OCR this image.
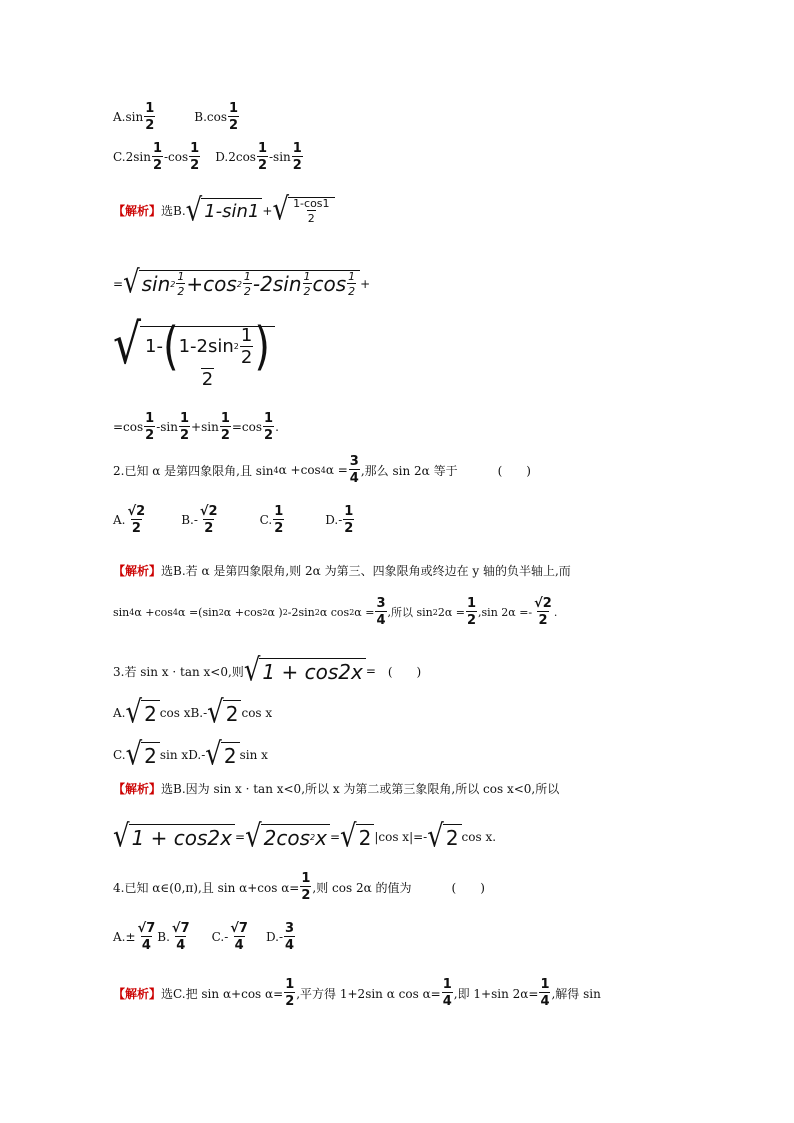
$A.\sin \frac{1}{2}$	$B.\cos \frac{1}{2}$
$C.2\sin \frac{1}{2} -\cos \frac{1}{2} D.2\cos \frac{1}{2} -\sin \frac{1}{2}$
【解析】 选B. √ 1-sin1 + √ $\frac{1-\cos 1}{2}$
= √ $\sin 2 \frac{1}{2} +\cos$ $2 \frac{1}{2} -2\sin \frac{1}{2}$ $\cos \frac{1}{2}$ +
√ $\frac{1- ( 1-2\sin 2 \frac{1}{2} )}{2}$
$=\cos \frac{1}{2} -\sin \frac{1}{2} +\sin \frac{1}{2} =\cos \frac{1}{2}$ .
2.已知 α 是第四象限角,且 sin 4 α +cos 4 $\alpha = \frac{3}{4}$ ,那么 sin 2α 等于	(　　)
A. $\frac{√2}{2}$	$B.- \frac{√2}{2}$	C. $\frac{1}{2}$	$D.- \frac{1}{2}$
【解析】 选B.若 α 是第四象限角,则 2α 为第三、四象限角或终边在 y 轴的负半轴上,而
sin 4 α +cos 4 α =(sin 2 α +cos 2 α ) 2 -2sin 2 α cos 2 $\alpha = \frac{3}{4}$ ,所以 sin 2 $2\alpha = \frac{1}{2} ,\sin$ $2\alpha =- \frac{√2}{2}$ .
3.若 sin x · tan x<0,则 √ 1 + cos2x = (　　)
A. √ 2 cos x B.- √ 2 cos x
C. √ 2 sin x D.- √ 2 sin x
【解析】 选B.因为 sin x · tan x<0,所以 x 为第二或第三象限角,所以 cos x<0,所以
√ 1 + cos2x = √ 2cos 2 x = √ 2 |cos x|=- √ 2 cos x.
4.已知 α∈(0,π),且 sin α+cos $\alpha= \frac{1}{2}$ ,则 cos 2α 的值为	(　　)
$A.\pm \frac{√7}{4} B$. $\frac{√7}{4} C.- \frac{√7}{4} D.- \frac{3}{4}$
【解析】 选C.把 sin α+cos $\alpha= \frac{1}{2}$ ,平方得 1+2sin α $\cos \alpha= \frac{1}{4}$ ,即 1+sin $2\alpha= \frac{1}{4}$ ,解得 sin
